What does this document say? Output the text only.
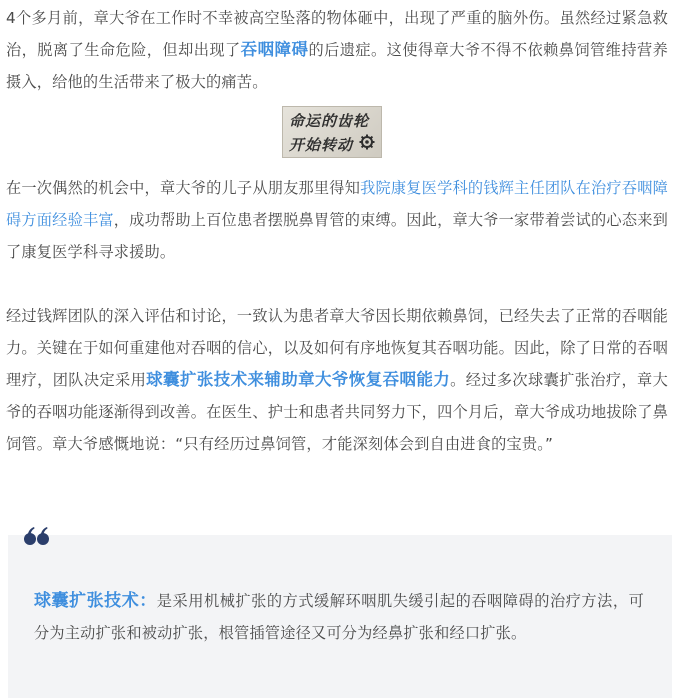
4个多月前，章大爷在工作时不幸被高空坠落的物体砸中，出现了严重的脑外伤。虽然经过紧急救治，脱离了生命危险，但却出现了吞咽障碍的后遗症。这使得章大爷不得不依赖鼻饲管维持营养摄入，给他的生活带来了极大的痛苦。

命运的齿轮
开始转动

在一次偶然的机会中，章大爷的儿子从朋友那里得知我院康复医学科的钱辉主任团队在治疗吞咽障碍方面经验丰富，成功帮助上百位患者摆脱鼻胃管的束缚。因此，章大爷一家带着尝试的心态来到了康复医学科寻求援助。

经过钱辉团队的深入评估和讨论，一致认为患者章大爷因长期依赖鼻饲，已经失去了正常的吞咽能力。关键在于如何重建他对吞咽的信心，以及如何有序地恢复其吞咽功能。因此，除了日常的吞咽理疗，团队决定采用球囊扩张技术来辅助章大爷恢复吞咽能力。经过多次球囊扩张治疗，章大爷的吞咽功能逐渐得到改善。在医生、护士和患者共同努力下，四个月后，章大爷成功地拔除了鼻饲管。章大爷感慨地说：“只有经历过鼻饲管，才能深刻体会到自由进食的宝贵。”

球囊扩张技术：是采用机械扩张的方式缓解环咽肌失缓引起的吞咽障碍的治疗方法，可分为主动扩张和被动扩张，根管插管途径又可分为经鼻扩张和经口扩张。
